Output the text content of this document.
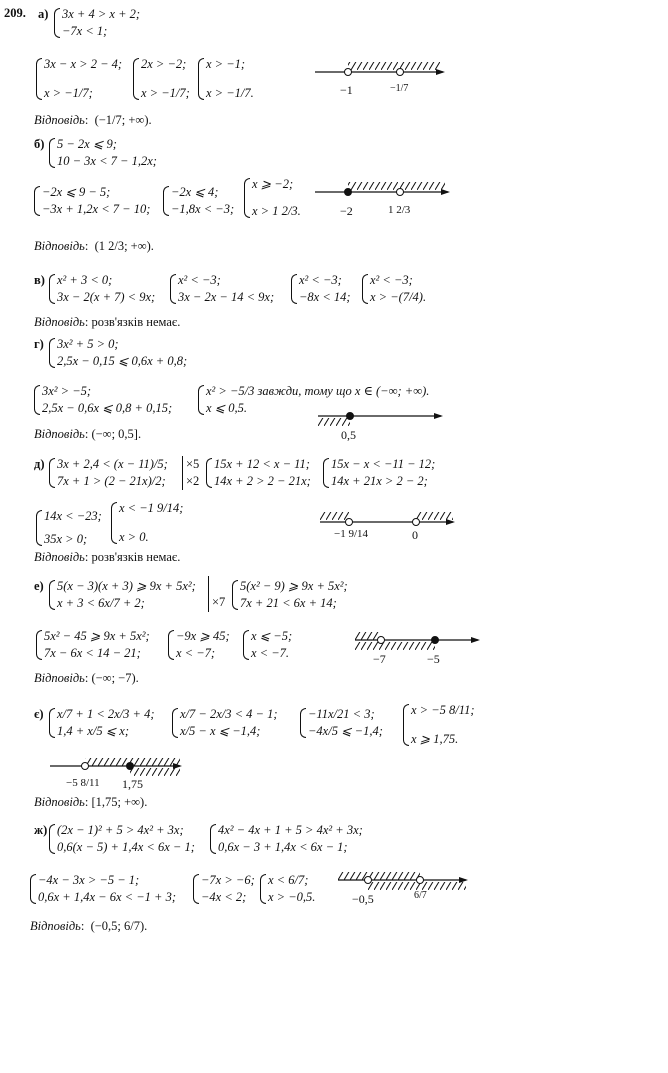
209. а) 3x + 4 > x + 2;
−7x < 1;
3x − x > 2 − 4;
x > −1/7;
2x > −2;
x > −1/7;
x > −1;
x > −1/7.	−1	−1/7
Відповідь:  (−1/7; +∞).
б) 5 − 2x ⩽ 9;
10 − 3x < 7 − 1,2x;
−2x ⩽ 9 − 5;
−3x + 1,2x < 7 − 10;
−2x ⩽ 4;
−1,8x < −3;
x ⩾ −2;
x > 1 2/3.	−2	1 2/3
Відповідь:  (1 2/3; +∞).
в) x² + 3 < 0;
3x − 2(x + 7) < 9x;
x² < −3;
3x − 2x − 14 < 9x;
x² < −3;
−8x < 14;
x² < −3;
x > −(7/4).
Відповідь: розв'язків немає.
г) 3x² + 5 > 0;
2,5x − 0,15 ⩽ 0,6x + 0,8;
3x² > −5;
2,5x − 0,6x ⩽ 0,8 + 0,15;
x² > −5/3 завжди, тому що x ∈ (−∞; +∞).
x ⩽ 0,5.
0,5
Відповідь: (−∞; 0,5].
д) 3x + 2,4 < (x − 11)/5;
7x + 1 > (2 − 21x)/2;
×5
×2
15x + 12 < x − 11;
14x + 2 > 2 − 21x;
15x − x < −11 − 12;
14x + 21x > 2 − 2;
14x < −23;
35x > 0;
x < −1 9/14;
x > 0.	−1 9/14	0
Відповідь: розв'язків немає.
е) 5(x − 3)(x + 3) ⩾ 9x + 5x²;
x + 3 < 6x/7 + 2;	×7
5(x² − 9) ⩾ 9x + 5x²;
7x + 21 < 6x + 14;
5x² − 45 ⩾ 9x + 5x²;
7x − 6x < 14 − 21;
−9x ⩾ 45;
x < −7;
x ⩽ −5;
x < −7.	−7	−5
Відповідь: (−∞; −7).
є) x/7 + 1 < 2x/3 + 4;
1,4 + x/5 ⩽ x;
x/7 − 2x/3 < 4 − 1;
x/5 − x ⩽ −1,4;
−11x/21 < 3;
−4x/5 ⩽ −1,4;
x > −5 8/11;
x ⩾ 1,75.
−5 8/11 1,75
Відповідь: [1,75; +∞).
ж) (2x − 1)² + 5 > 4x² + 3x;
0,6(x − 5) + 1,4x < 6x − 1;
4x² − 4x + 1 + 5 > 4x² + 3x;
0,6x − 3 + 1,4x < 6x − 1;
−4x − 3x > −5 − 1;
0,6x + 1,4x − 6x < −1 + 3;
−7x > −6;
−4x < 2;
x < 6/7;
x > −0,5.	−0,5	6/7
Відповідь:  (−0,5; 6/7).
